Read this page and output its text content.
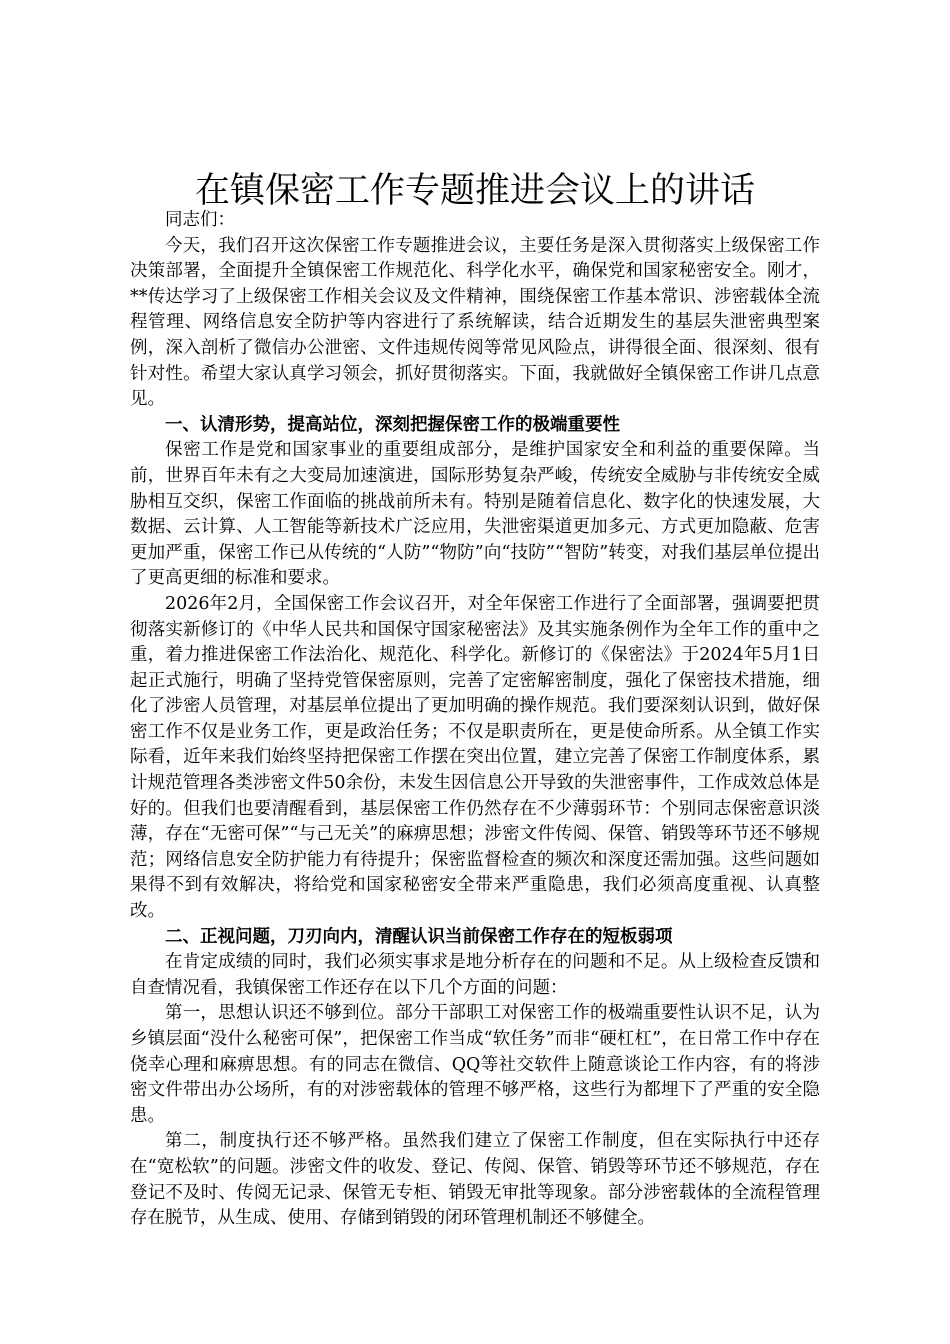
在镇保密工作专题推进会议上的讲话

同志们：

今天，我们召开这次保密工作专题推进会议，主要任务是深入贯彻落实上级保密工作决策部署，全面提升全镇保密工作规范化、科学化水平，确保党和国家秘密安全。刚才，**传达学习了上级保密工作相关会议及文件精神，围绕保密工作基本常识、涉密载体全流程管理、网络信息安全防护等内容进行了系统解读，结合近期发生的基层失泄密典型案例，深入剖析了微信办公泄密、文件违规传阅等常见风险点，讲得很全面、很深刻、很有针对性。希望大家认真学习领会，抓好贯彻落实。下面，我就做好全镇保密工作讲几点意见。

一、认清形势，提高站位，深刻把握保密工作的极端重要性

保密工作是党和国家事业的重要组成部分，是维护国家安全和利益的重要保障。当前，世界百年未有之大变局加速演进，国际形势复杂严峻，传统安全威胁与非传统安全威胁相互交织，保密工作面临的挑战前所未有。特别是随着信息化、数字化的快速发展，大数据、云计算、人工智能等新技术广泛应用，失泄密渠道更加多元、方式更加隐蔽、危害更加严重，保密工作已从传统的“人防”“物防”向“技防”“智防”转变，对我们基层单位提出了更高更细的标准和要求。

2026年2月，全国保密工作会议召开，对全年保密工作进行了全面部署，强调要把贯彻落实新修订的《中华人民共和国保守国家秘密法》及其实施条例作为全年工作的重中之重，着力推进保密工作法治化、规范化、科学化。新修订的《保密法》于2024年5月1日起正式施行，明确了坚持党管保密原则，完善了定密解密制度，强化了保密技术措施，细化了涉密人员管理，对基层单位提出了更加明确的操作规范。我们要深刻认识到，做好保密工作不仅是业务工作，更是政治任务；不仅是职责所在，更是使命所系。从全镇工作实际看，近年来我们始终坚持把保密工作摆在突出位置，建立完善了保密工作制度体系，累计规范管理各类涉密文件50余份，未发生因信息公开导致的失泄密事件，工作成效总体是好的。但我们也要清醒看到，基层保密工作仍然存在不少薄弱环节：个别同志保密意识淡薄，存在“无密可保”“与己无关”的麻痹思想；涉密文件传阅、保管、销毁等环节还不够规范；网络信息安全防护能力有待提升；保密监督检查的频次和深度还需加强。这些问题如果得不到有效解决，将给党和国家秘密安全带来严重隐患，我们必须高度重视、认真整改。

二、正视问题，刀刃向内，清醒认识当前保密工作存在的短板弱项

在肯定成绩的同时，我们必须实事求是地分析存在的问题和不足。从上级检查反馈和自查情况看，我镇保密工作还存在以下几个方面的问题：

第一，思想认识还不够到位。部分干部职工对保密工作的极端重要性认识不足，认为乡镇层面“没什么秘密可保”，把保密工作当成“软任务”而非“硬杠杠”，在日常工作中存在侥幸心理和麻痹思想。有的同志在微信、QQ等社交软件上随意谈论工作内容，有的将涉密文件带出办公场所，有的对涉密载体的管理不够严格，这些行为都埋下了严重的安全隐患。

第二，制度执行还不够严格。虽然我们建立了保密工作制度，但在实际执行中还存在“宽松软”的问题。涉密文件的收发、登记、传阅、保管、销毁等环节还不够规范，存在登记不及时、传阅无记录、保管无专柜、销毁无审批等现象。部分涉密载体的全流程管理存在脱节，从生成、使用、存储到销毁的闭环管理机制还不够健全。
